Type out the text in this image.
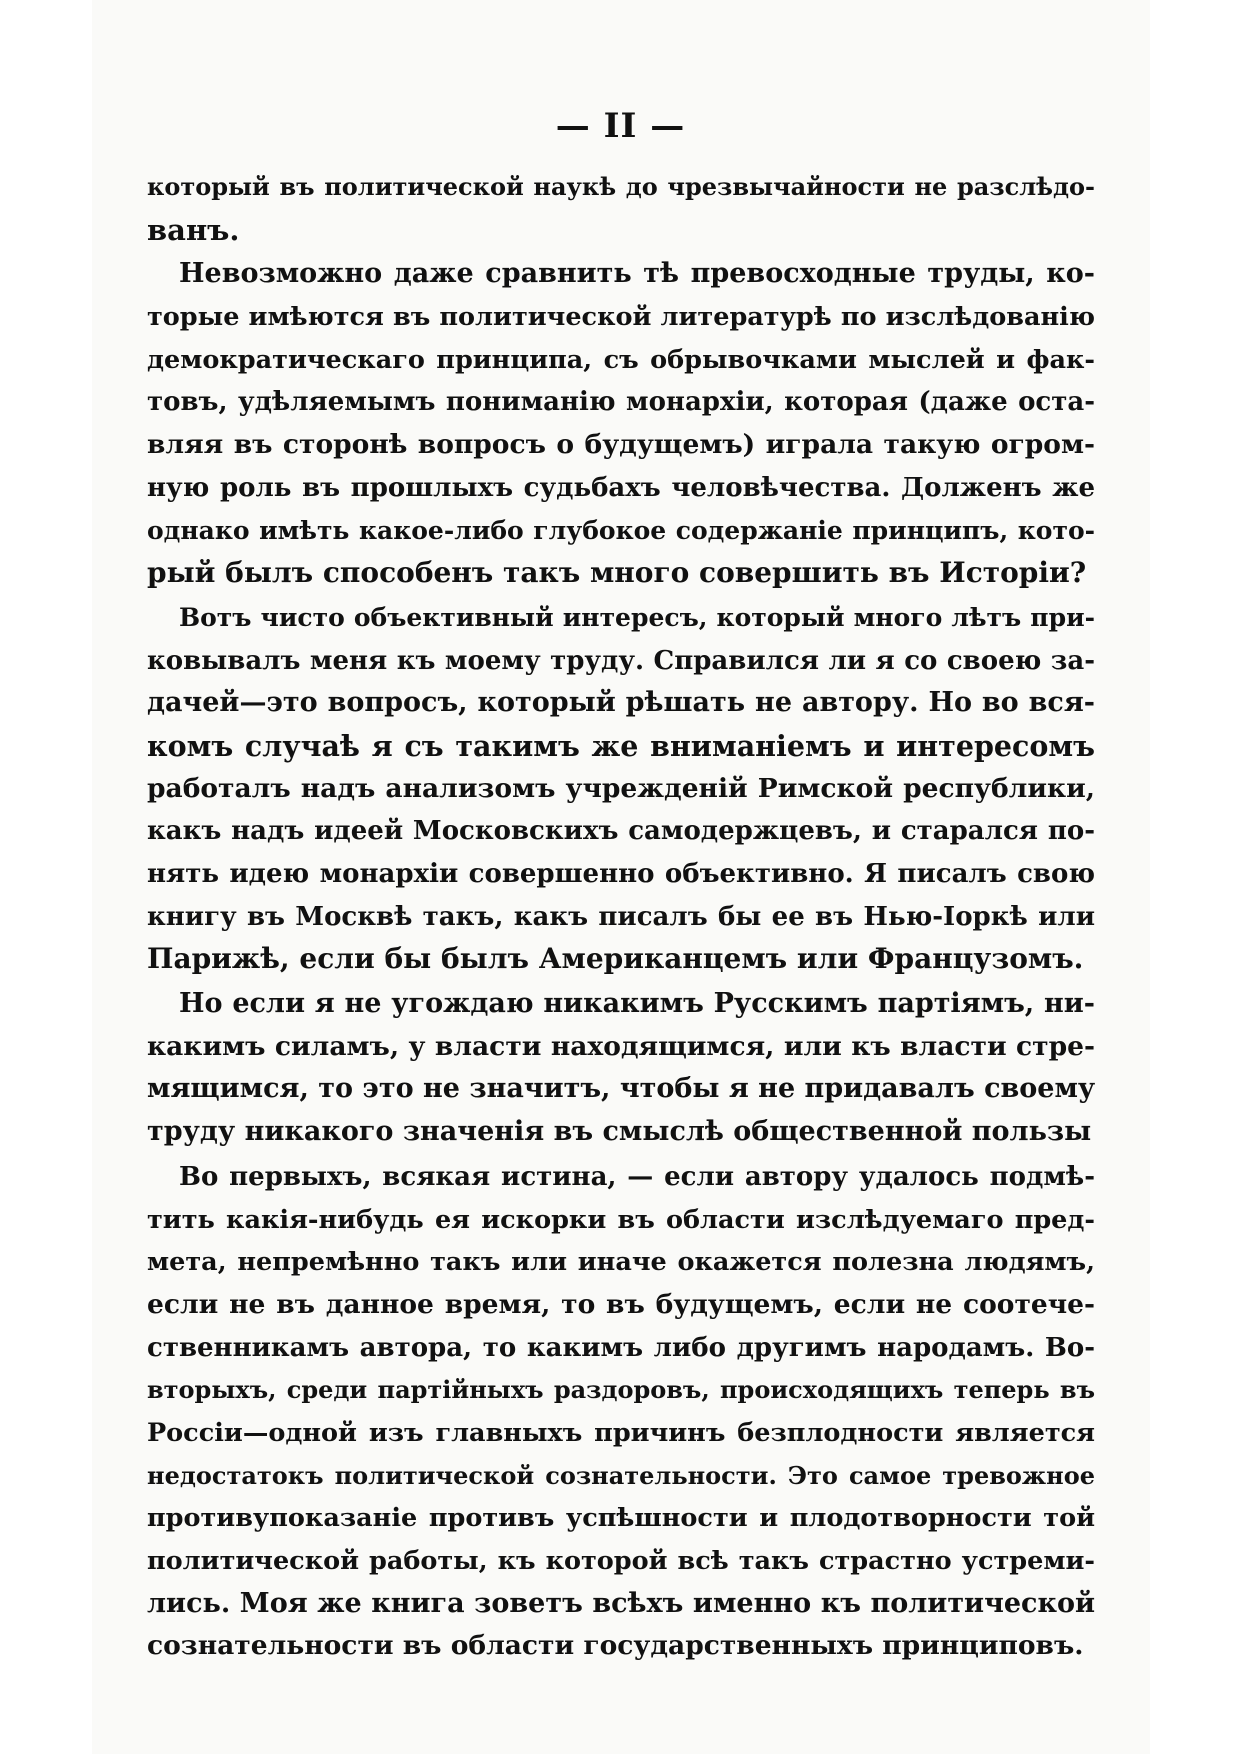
— II —
который въ политической наукѣ до чрезвычайности не разслѣдо-
ванъ.
Невозможно даже сравнить тѣ превосходные труды, ко-
торые имѣются въ политической литературѣ по изслѣдованію
демократическаго принципа, съ обрывочками мыслей и фак-
товъ, удѣляемымъ пониманію монархіи, которая (даже оста-
вляя въ сторонѣ вопросъ о будущемъ) играла такую огром-
ную роль въ прошлыхъ судьбахъ человѣчества. Долженъ же
однако имѣть какое-либо глубокое содержаніе принципъ, кото-
рый былъ способенъ такъ много совершить въ Исторіи?
Вотъ чисто объективный интересъ, который много лѣтъ при-
ковывалъ меня къ моему труду. Справился ли я со своею за-
дачей—это вопросъ, который рѣшать не автору. Но во вся-
комъ случаѣ я съ такимъ же вниманіемъ и интересомъ
работалъ надъ анализомъ учрежденій Римской республики,
какъ надъ идеей Московскихъ самодержцевъ, и старался по-
нять идею монархіи совершенно объективно. Я писалъ свою
книгу въ Москвѣ такъ, какъ писалъ бы ее въ Нью-Іоркѣ или
Парижѣ, если бы былъ Американцемъ или Французомъ.
Но если я не угождаю никакимъ Русскимъ партіямъ, ни-
какимъ силамъ, у власти находящимся, или къ власти стре-
мящимся, то это не значитъ, чтобы я не придавалъ своему
труду никакого значенія въ смыслѣ общественной пользы
Во первыхъ, всякая истина, — если автору удалось подмѣ-
тить какія-нибудь ея искорки въ области изслѣдуемаго пред-
мета, непремѣнно такъ или иначе окажется полезна людямъ,
если не въ данное время, то въ будущемъ, если не соотече-
ственникамъ автора, то какимъ либо другимъ народамъ. Во-
вторыхъ, среди партійныхъ раздоровъ, происходящихъ теперь въ
Россіи—одной изъ главныхъ причинъ безплодности является
недостатокъ политической сознательности. Это самое тревожное
противупоказаніе противъ успѣшности и плодотворности той
политической работы, къ которой всѣ такъ страстно устреми-
лись. Моя же книга зоветъ всѣхъ именно къ политической
сознательности въ области государственныхъ принциповъ.
